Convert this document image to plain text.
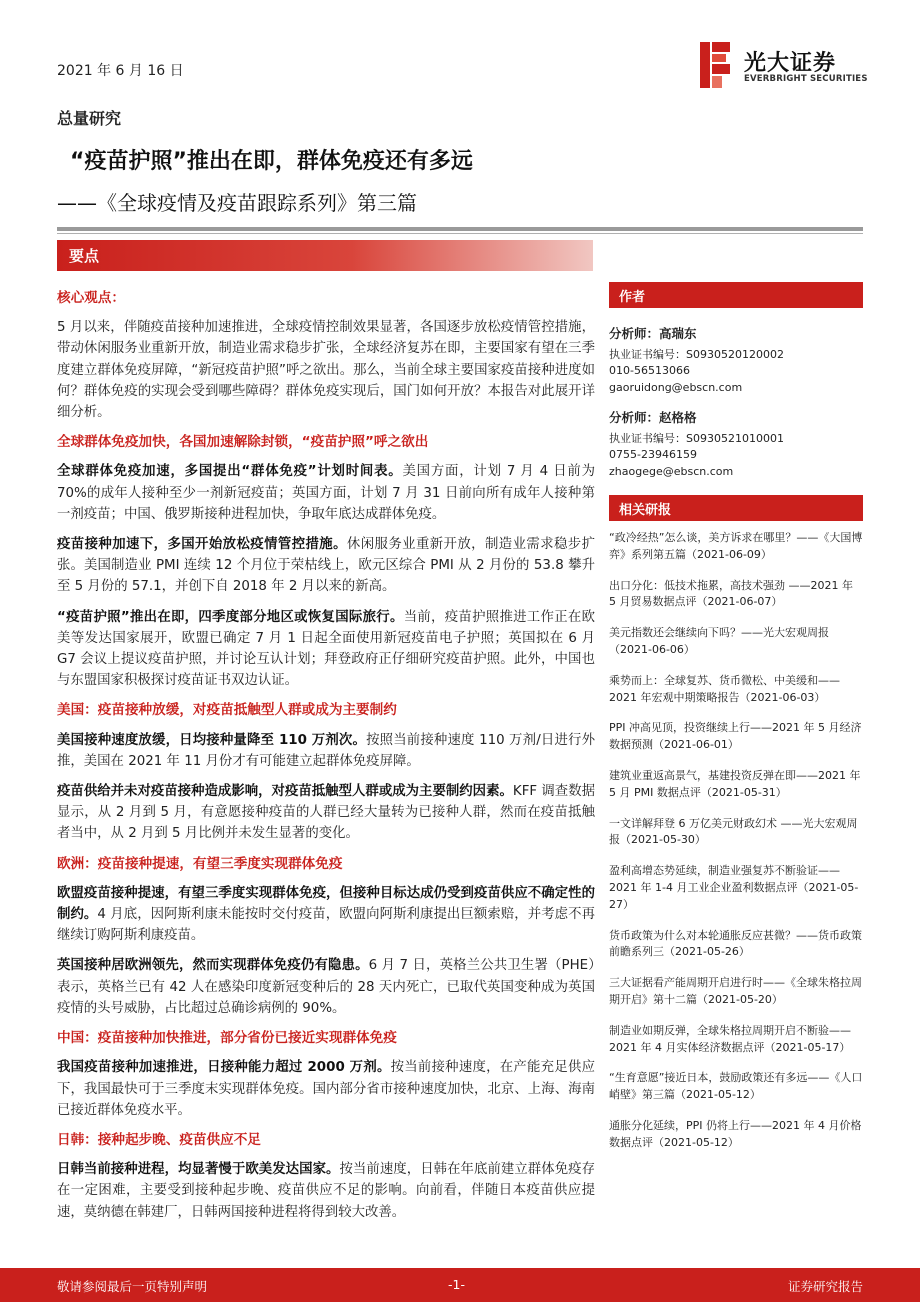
2021 年 6 月 16 日	光大证券
EVERBRIGHT SECURITIES
总量研究
“疫苗护照”推出在即，群体免疫还有多远
——《全球疫情及疫苗跟踪系列》第三篇
要点
核心观点：

5 月以来，伴随疫苗接种加速推进，全球疫情控制效果显著，各国逐步放松疫情管控措施，带动休闲服务业重新开放，制造业需求稳步扩张，全球经济复苏在即，主要国家有望在三季度建立群体免疫屏障，“新冠疫苗护照”呼之欲出。那么，当前全球主要国家疫苗接种进度如何？群体免疫的实现会受到哪些障碍？群体免疫实现后，国门如何开放？本报告对此展开详细分析。

全球群体免疫加快，各国加速解除封锁，“疫苗护照”呼之欲出

全球群体免疫加速，多国提出“群体免疫”计划时间表。美国方面，计划 7 月 4 日前为 70%的成年人接种至少一剂新冠疫苗；英国方面，计划 7 月 31 日前向所有成年人接种第一剂疫苗；中国、俄罗斯接种进程加快，争取年底达成群体免疫。

疫苗接种加速下，多国开始放松疫情管控措施。休闲服务业重新开放，制造业需求稳步扩张。美国制造业 PMI 连续 12 个月位于荣枯线上，欧元区综合 PMI 从 2 月份的 53.8 攀升至 5 月份的 57.1，并创下自 2018 年 2 月以来的新高。

“疫苗护照”推出在即，四季度部分地区或恢复国际旅行。当前，疫苗护照推进工作正在欧美等发达国家展开，欧盟已确定 7 月 1 日起全面使用新冠疫苗电子护照；英国拟在 6 月 G7 会议上提议疫苗护照，并讨论互认计划；拜登政府正仔细研究疫苗护照。此外，中国也与东盟国家积极探讨疫苗证书双边认证。

美国：疫苗接种放缓，对疫苗抵触型人群或成为主要制约

美国接种速度放缓，日均接种量降至 110 万剂次。按照当前接种速度 110 万剂/日进行外推，美国在 2021 年 11 月份才有可能建立起群体免疫屏障。

疫苗供给并未对疫苗接种造成影响，对疫苗抵触型人群或成为主要制约因素。KFF 调查数据显示，从 2 月到 5 月，有意愿接种疫苗的人群已经大量转为已接种人群，然而在疫苗抵触者当中，从 2 月到 5 月比例并未发生显著的变化。

欧洲：疫苗接种提速，有望三季度实现群体免疫

欧盟疫苗接种提速，有望三季度实现群体免疫，但接种目标达成仍受到疫苗供应不确定性的制约。4 月底，因阿斯利康未能按时交付疫苗，欧盟向阿斯利康提出巨额索赔，并考虑不再继续订购阿斯利康疫苗。

英国接种居欧洲领先，然而实现群体免疫仍有隐患。6 月 7 日，英格兰公共卫生署（PHE）表示，英格兰已有 42 人在感染印度新冠变种后的 28 天内死亡，已取代英国变种成为英国疫情的头号威胁，占比超过总确诊病例的 90%。

中国：疫苗接种加快推进，部分省份已接近实现群体免疫

我国疫苗接种加速推进，日接种能力超过 2000 万剂。按当前接种速度，在产能充足供应下，我国最快可于三季度末实现群体免疫。国内部分省市接种速度加快，北京、上海、海南已接近群体免疫水平。

日韩：接种起步晚、疫苗供应不足

日韩当前接种进程，均显著慢于欧美发达国家。按当前速度，日韩在年底前建立群体免疫存在一定困难，主要受到接种起步晚、疫苗供应不足的影响。向前看，伴随日本疫苗供应提速，莫纳德在韩建厂，日韩两国接种进程将得到较大改善。

作者
分析师：高瑞东
执业证书编号：S0930520120002
010-56513066
gaoruidong@ebscn.com
分析师：赵格格
执业证书编号：S0930521010001
0755-23946159
zhaogege@ebscn.com
相关研报
“政冷经热”怎么谈，美方诉求在哪里？——《大国博弈》系列第五篇（2021-06-09）
出口分化：低技术拖累，高技术强劲 ——2021 年 5 月贸易数据点评（2021-06-07）
美元指数还会继续向下吗？——光大宏观周报（2021-06-06）
乘势而上：全球复苏、货币微松、中美缓和——2021 年宏观中期策略报告（2021-06-03）
PPI 冲高见顶，投资继续上行——2021 年 5 月经济数据预测（2021-06-01）
建筑业重返高景气，基建投资反弹在即——2021 年 5 月 PMI 数据点评（2021-05-31）
一文详解拜登 6 万亿美元财政幻术 ——光大宏观周报（2021-05-30）
盈利高增态势延续，制造业强复苏不断验证——2021 年 1-4 月工业企业盈利数据点评（2021-05-27）
货币政策为什么对本轮通胀反应甚微？——货币政策前瞻系列三（2021-05-26）
三大证据看产能周期开启进行时——《全球朱格拉周期开启》第十二篇（2021-05-20）
制造业如期反弹，全球朱格拉周期开启不断验——2021 年 4 月实体经济数据点评（2021-05-17）
“生育意愿”接近日本，鼓励政策还有多远——《人口峭壁》第三篇（2021-05-12）
通胀分化延续，PPI 仍将上行——2021 年 4 月价格数据点评（2021-05-12）
敬请参阅最后一页特别声明	-1-	证券研究报告
